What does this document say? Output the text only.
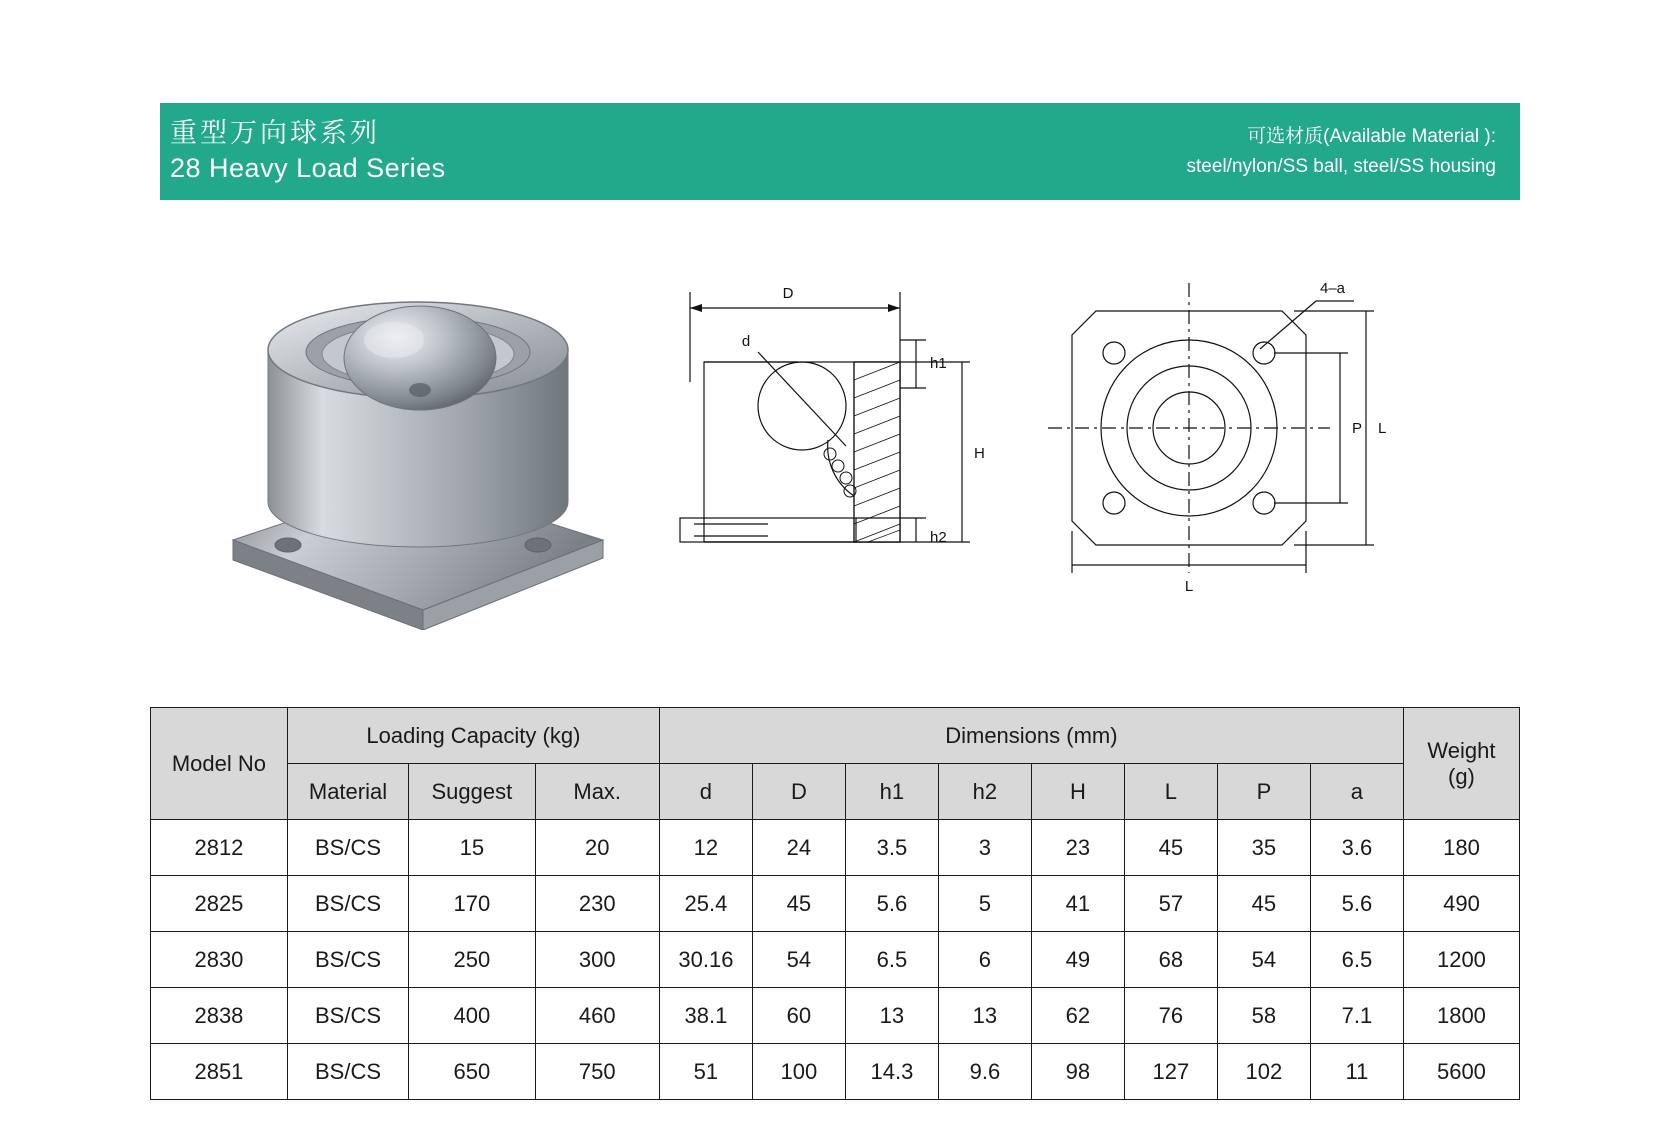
重型万向球系列
28 Heavy Load Series
可选材质(Available Material ):
steel/nylon/SS ball, steel/SS housing
D
d
h1
H
h2
4–a
P L
L
Model No	Loading Capacity (kg)			Dimensions (mm)								Weight
(g)

	Material	Suggest	Max.	d	D	h1	h2	H	L	P	a	
2812	BS/CS	15	20	12	24	3.5	3	23	45	35	3.6	180
2825	BS/CS	170	230	25.4	45	5.6	5	41	57	45	5.6	490
2830	BS/CS	250	300	30.16	54	6.5	6	49	68	54	6.5	1200
2838	BS/CS	400	460	38.1	60	13	13	62	76	58	7.1	1800
2851	BS/CS	650	750	51	100	14.3	9.6	98	127	102	11	5600
